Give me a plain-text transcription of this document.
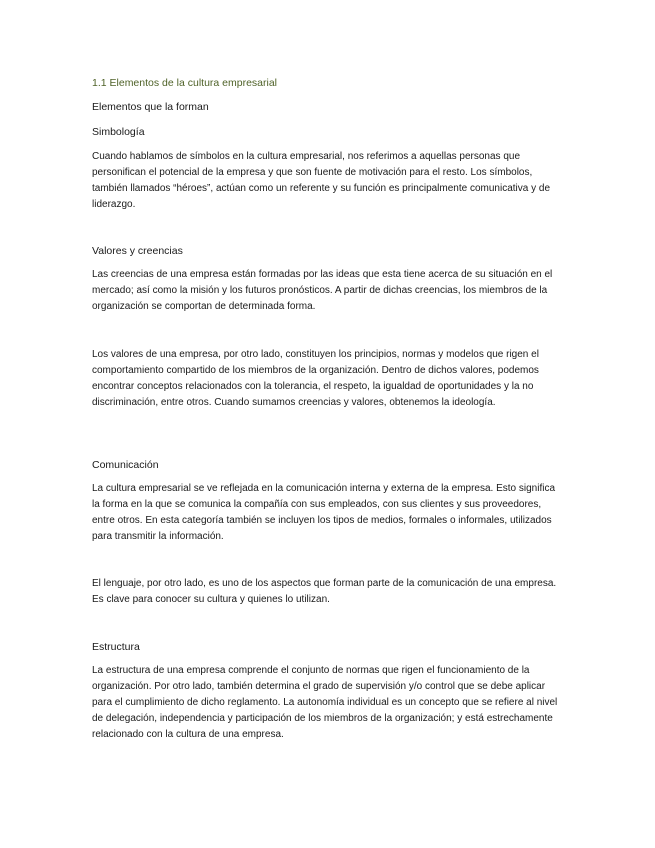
1.1 Elementos de la cultura empresarial

Elementos que la forman

Simbología

Cuando hablamos de símbolos en la cultura empresarial, nos referimos a aquellas personas que personifican el potencial de la empresa y que son fuente de motivación para el resto. Los símbolos, también llamados “héroes”, actúan como un referente y su función es principalmente comunicativa y de liderazgo.

Valores y creencias

Las creencias de una empresa están formadas por las ideas que esta tiene acerca de su situación en el mercado; así como la misión y los futuros pronósticos. A partir de dichas creencias, los miembros de la organización se comportan de determinada forma.

Los valores de una empresa, por otro lado, constituyen los principios, normas y modelos que rigen el comportamiento compartido de los miembros de la organización. Dentro de dichos valores, podemos encontrar conceptos relacionados con la tolerancia, el respeto, la igualdad de oportunidades y la no discriminación, entre otros. Cuando sumamos creencias y valores, obtenemos la ideología.

Comunicación

La cultura empresarial se ve reflejada en la comunicación interna y externa de la empresa. Esto significa la forma en la que se comunica la compañía con sus empleados, con sus clientes y sus proveedores, entre otros. En esta categoría también se incluyen los tipos de medios, formales o informales, utilizados para transmitir la información.

El lenguaje, por otro lado, es uno de los aspectos que forman parte de la comunicación de una empresa. Es clave para conocer su cultura y quienes lo utilizan.

Estructura

La estructura de una empresa comprende el conjunto de normas que rigen el funcionamiento de la organización. Por otro lado, también determina el grado de supervisión y/o control que se debe aplicar para el cumplimiento de dicho reglamento. La autonomía individual es un concepto que se refiere al nivel de delegación, independencia y participación de los miembros de la organización; y está estrechamente relacionado con la cultura de una empresa.
